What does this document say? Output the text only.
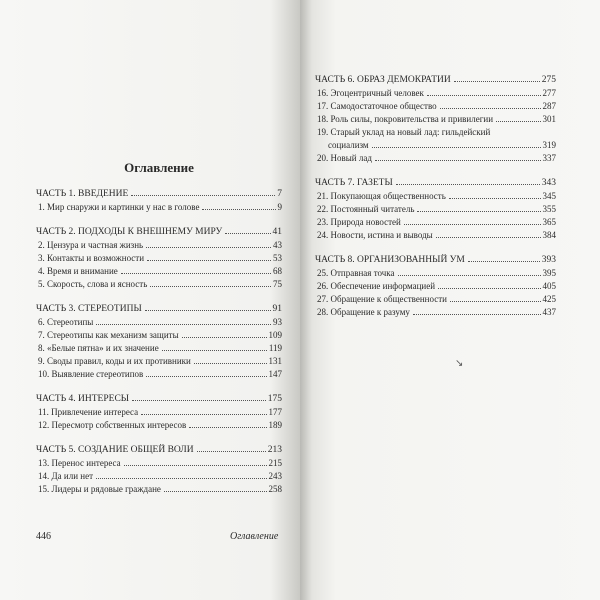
Оглавление
ЧАСТЬ 1. ВВЕДЕНИЕ	7
1. Мир снаружи и картинки у нас в голове	9
ЧАСТЬ 2. ПОДХОДЫ К ВНЕШНЕМУ МИРУ	41
2. Цензура и частная жизнь	43
3. Контакты и возможности	53
4. Время и внимание	68
5. Скорость, слова и ясность	75
ЧАСТЬ 3. СТЕРЕОТИПЫ	91
6. Стереотипы	93
7. Стереотипы как механизм защиты	109
8. «Белые пятна» и их значение	119
9. Своды правил, коды и их противники	131
10. Выявление стереотипов	147
ЧАСТЬ 4. ИНТЕРЕСЫ	175
11. Привлечение интереса	177
12. Пересмотр собственных интересов	189
ЧАСТЬ 5. СОЗДАНИЕ ОБЩЕЙ ВОЛИ	213
13. Перенос интереса	215
14. Да или нет	243
15. Лидеры и рядовые граждане	258
446	Оглавление
ЧАСТЬ 6. ОБРАЗ ДЕМОКРАТИИ	275
16. Эгоцентричный человек	277
17. Самодостаточное общество	287
18. Роль силы, покровительства и привилегии	301
19. Старый уклад на новый лад: гильдейский
социализм	319
20. Новый лад	337
ЧАСТЬ 7. ГАЗЕТЫ	343
21. Покупающая общественность	345
22. Постоянный читатель	355
23. Природа новостей	365
24. Новости, истина и выводы	384
ЧАСТЬ 8. ОРГАНИЗОВАННЫЙ УМ	393
25. Отправная точка	395
26. Обеспечение информацией	405
27. Обращение к общественности	425
28. Обращение к разуму	437
↘
